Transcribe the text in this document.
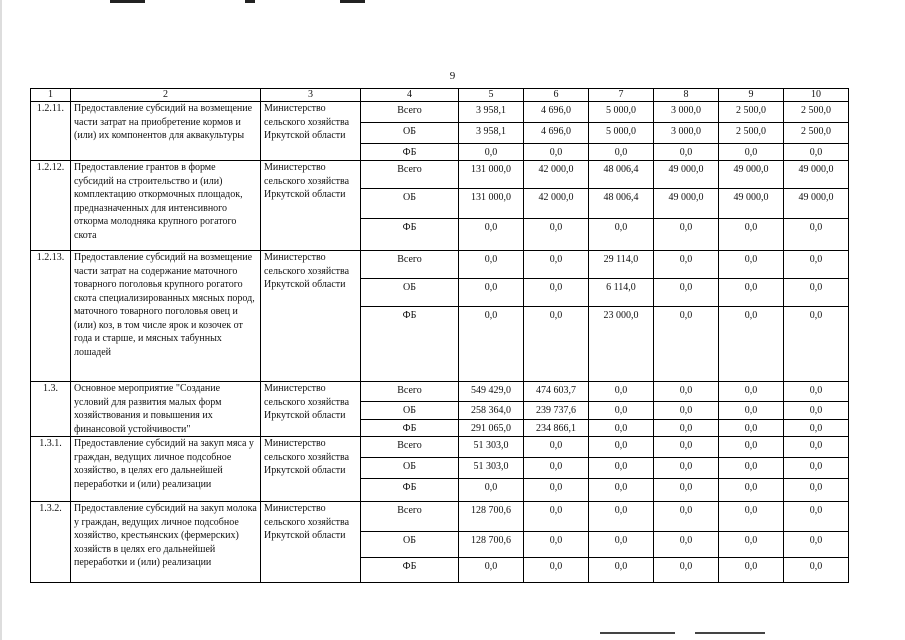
9
1	2	3	4	5	6	7	8	9	10
1.2.11.	Предоставление субсидий на возмещение части затрат на приобретение кормов и (или) их компонентов для аквакультуры	Министерство сельского хозяйства Иркутской области	Всего	3 958,1	4 696,0	5 000,0	3 000,0	2 500,0	2 500,0
			ОБ	3 958,1	4 696,0	5 000,0	3 000,0	2 500,0	2 500,0
			ФБ	0,0	0,0	0,0	0,0	0,0	0,0
1.2.12.	Предоставление грантов в форме субсидий на строительство и (или) комплектацию откормочных площадок, предназначенных для интенсивного откорма молодняка крупного рогатого скота	Министерство сельского хозяйства Иркутской области	Всего	131 000,0	42 000,0	48 006,4	49 000,0	49 000,0	49 000,0
			ОБ	131 000,0	42 000,0	48 006,4	49 000,0	49 000,0	49 000,0
			ФБ	0,0	0,0	0,0	0,0	0,0	0,0
1.2.13.	Предоставление субсидий на возмещение части затрат на содержание маточного товарного поголовья крупного рогатого скота специализированных мясных пород, маточного товарного поголовья овец и (или) коз, в том числе ярок и козочек от года и старше, и мясных табунных лошадей	Министерство сельского хозяйства Иркутской области	Всего	0,0	0,0	29 114,0	0,0	0,0	0,0
			ОБ	0,0	0,0	6 114,0	0,0	0,0	0,0
			ФБ	0,0	0,0	23 000,0	0,0	0,0	0,0
1.3.	Основное мероприятие "Создание условий для развития малых форм хозяйствования и повышения их финансовой устойчивости"	Министерство сельского хозяйства Иркутской области	Всего	549 429,0	474 603,7	0,0	0,0	0,0	0,0
			ОБ	258 364,0	239 737,6	0,0	0,0	0,0	0,0
			ФБ	291 065,0	234 866,1	0,0	0,0	0,0	0,0
1.3.1.	Предоставление субсидий на закуп мяса у граждан, ведущих личное подсобное хозяйство, в целях его дальнейшей переработки и (или) реализации	Министерство сельского хозяйства Иркутской области	Всего	51 303,0	0,0	0,0	0,0	0,0	0,0
			ОБ	51 303,0	0,0	0,0	0,0	0,0	0,0
			ФБ	0,0	0,0	0,0	0,0	0,0	0,0
1.3.2.	Предоставление субсидий на закуп молока у граждан, ведущих личное подсобное хозяйство, крестьянских (фермерских) хозяйств в целях его дальнейшей переработки и (или) реализации	Министерство сельского хозяйства Иркутской области	Всего	128 700,6	0,0	0,0	0,0	0,0	0,0
			ОБ	128 700,6	0,0	0,0	0,0	0,0	0,0
			ФБ	0,0	0,0	0,0	0,0	0,0	0,0
